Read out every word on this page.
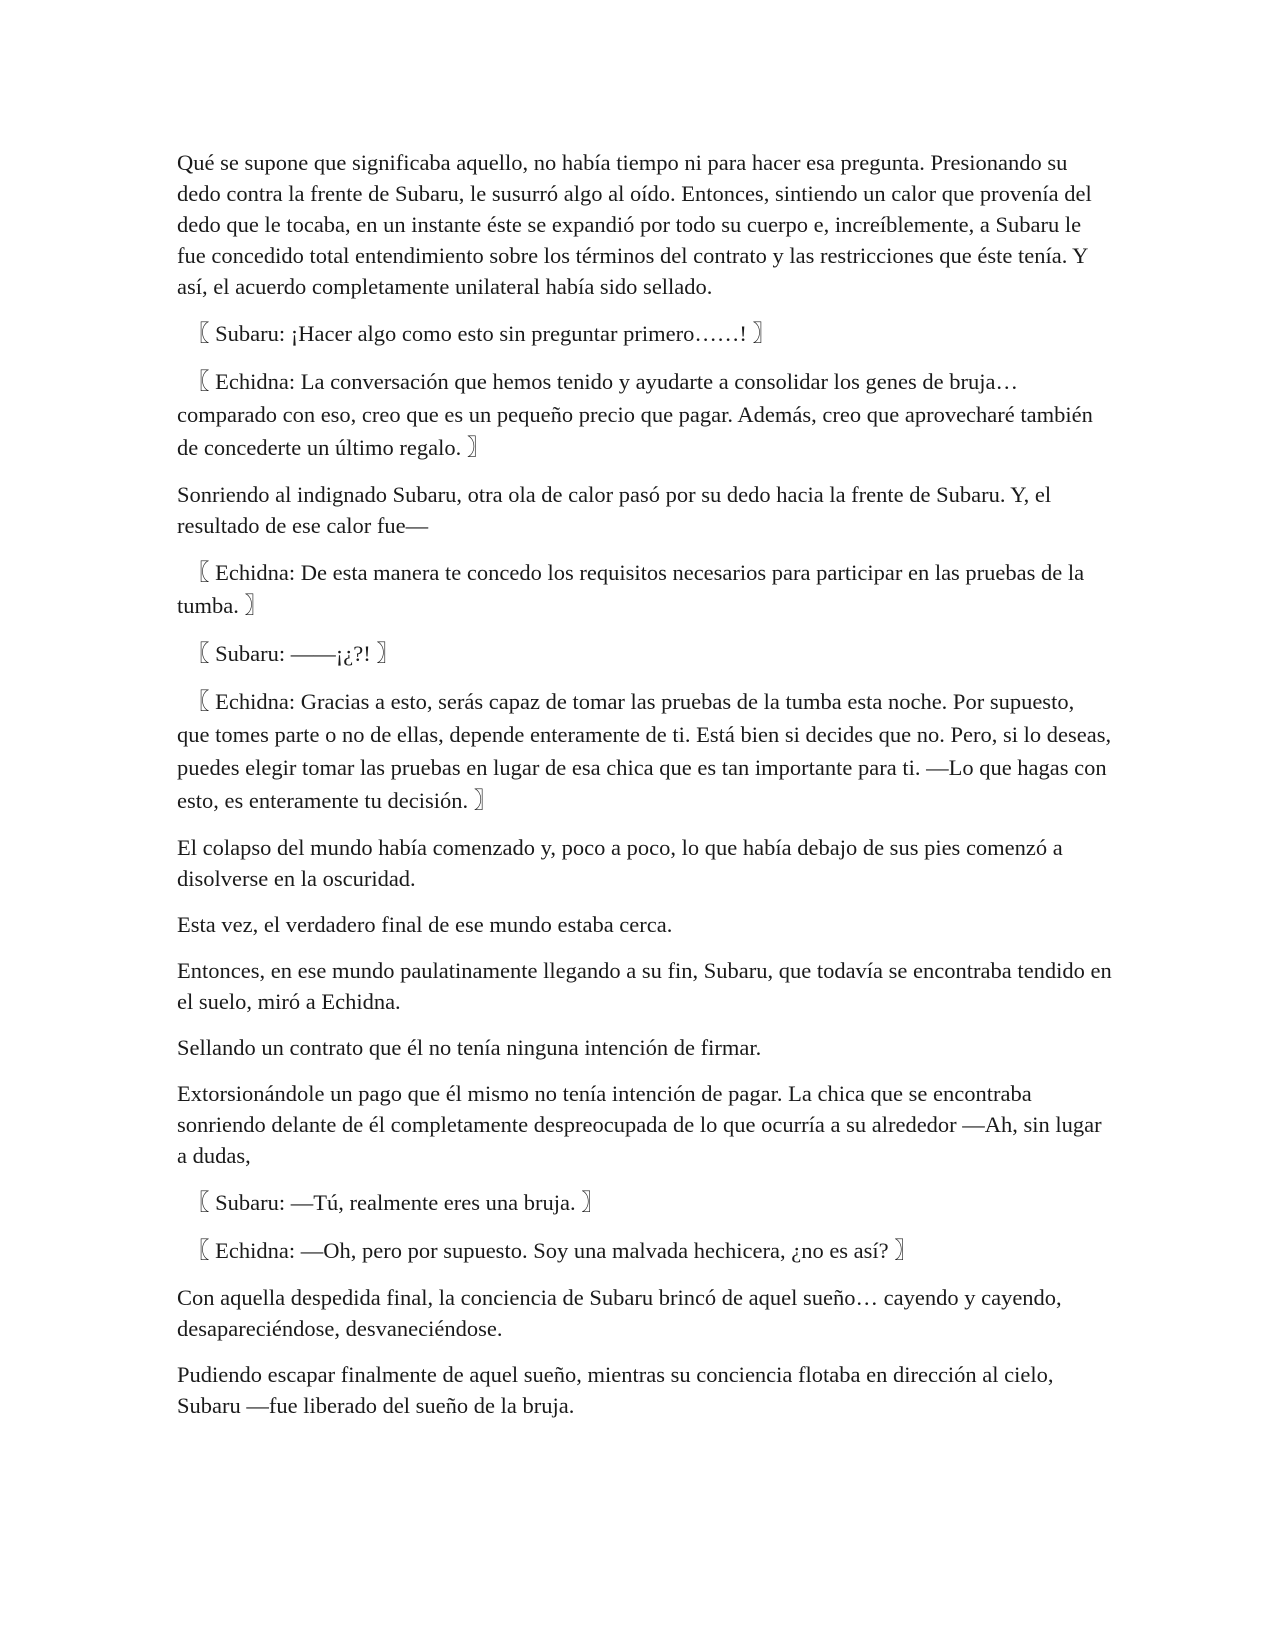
Qué se supone que significaba aquello, no había tiempo ni para hacer esa pregunta. Presionando su dedo contra la frente de Subaru, le susurró algo al oído. Entonces, sintiendo un calor que provenía del dedo que le tocaba, en un instante éste se expandió por todo su cuerpo e, increíblemente, a Subaru le fue concedido total entendimiento sobre los términos del contrato y las restricciones que éste tenía. Y así, el acuerdo completamente unilateral había sido sellado.

〖 Subaru: ¡Hacer algo como esto sin preguntar primero……! 〗

〖 Echidna: La conversación que hemos tenido y ayudarte a consolidar los genes de bruja… comparado con eso, creo que es un pequeño precio que pagar. Además, creo que aprovecharé también de concederte un último regalo. 〗

Sonriendo al indignado Subaru, otra ola de calor pasó por su dedo hacia la frente de Subaru. Y, el resultado de ese calor fue—

〖 Echidna: De esta manera te concedo los requisitos necesarios para participar en las pruebas de la tumba. 〗

〖 Subaru: ——¡¿?! 〗

〖 Echidna: Gracias a esto, serás capaz de tomar las pruebas de la tumba esta noche. Por supuesto, que tomes parte o no de ellas, depende enteramente de ti. Está bien si decides que no. Pero, si lo deseas, puedes elegir tomar las pruebas en lugar de esa chica que es tan importante para ti. —Lo que hagas con esto, es enteramente tu decisión. 〗

El colapso del mundo había comenzado y, poco a poco, lo que había debajo de sus pies comenzó a disolverse en la oscuridad.

Esta vez, el verdadero final de ese mundo estaba cerca.

Entonces, en ese mundo paulatinamente llegando a su fin, Subaru, que todavía se encontraba tendido en el suelo, miró a Echidna.

Sellando un contrato que él no tenía ninguna intención de firmar.

Extorsionándole un pago que él mismo no tenía intención de pagar. La chica que se encontraba sonriendo delante de él completamente despreocupada de lo que ocurría a su alrededor —Ah, sin lugar a dudas,

〖 Subaru: —Tú, realmente eres una bruja. 〗

〖 Echidna: —Oh, pero por supuesto. Soy una malvada hechicera, ¿no es así? 〗

Con aquella despedida final, la conciencia de Subaru brincó de aquel sueño… cayendo y cayendo, desapareciéndose, desvaneciéndose.

Pudiendo escapar finalmente de aquel sueño, mientras su conciencia flotaba en dirección al cielo, Subaru —fue liberado del sueño de la bruja.
